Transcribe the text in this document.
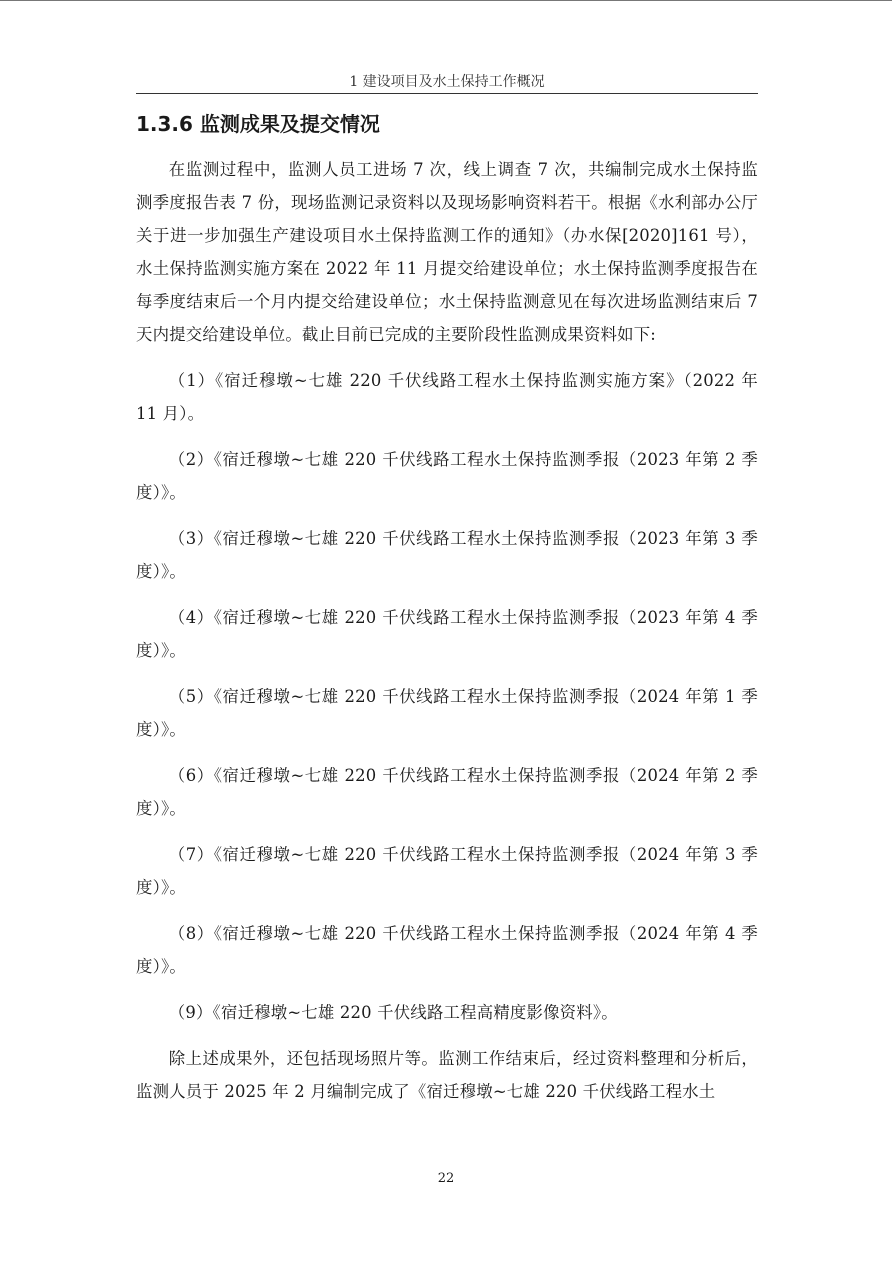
1 建设项目及水土保持工作概况
1.3.6 监测成果及提交情况

在监测过程中，监测人员工进场 7 次，线上调查 7 次，共编制完成水土保持监测季度报告表 7 份，现场监测记录资料以及现场影响资料若干。根据《水利部办公厅关于进一步加强生产建设项目水土保持监测工作的通知》（办水保[2020]161 号），水土保持监测实施方案在 2022 年 11 月提交给建设单位；水土保持监测季度报告在每季度结束后一个月内提交给建设单位；水土保持监测意见在每次进场监测结束后 7 天内提交给建设单位。截止目前已完成的主要阶段性监测成果资料如下:

（1）《宿迁穆墩~七雄 220 千伏线路工程水土保持监测实施方案》（2022 年 11 月）。

（2）《宿迁穆墩~七雄 220 千伏线路工程水土保持监测季报（2023 年第 2 季度）》。

（3）《宿迁穆墩~七雄 220 千伏线路工程水土保持监测季报（2023 年第 3 季度）》。

（4）《宿迁穆墩~七雄 220 千伏线路工程水土保持监测季报（2023 年第 4 季度）》。

（5）《宿迁穆墩~七雄 220 千伏线路工程水土保持监测季报（2024 年第 1 季度）》。

（6）《宿迁穆墩~七雄 220 千伏线路工程水土保持监测季报（2024 年第 2 季度）》。

（7）《宿迁穆墩~七雄 220 千伏线路工程水土保持监测季报（2024 年第 3 季度）》。

（8）《宿迁穆墩~七雄 220 千伏线路工程水土保持监测季报（2024 年第 4 季度）》。

（9）《宿迁穆墩~七雄 220 千伏线路工程高精度影像资料》。

除上述成果外，还包括现场照片等。监测工作结束后，经过资料整理和分析后，监测人员于 2025 年 2 月编制完成了《宿迁穆墩~七雄 220 千伏线路工程水土

22
